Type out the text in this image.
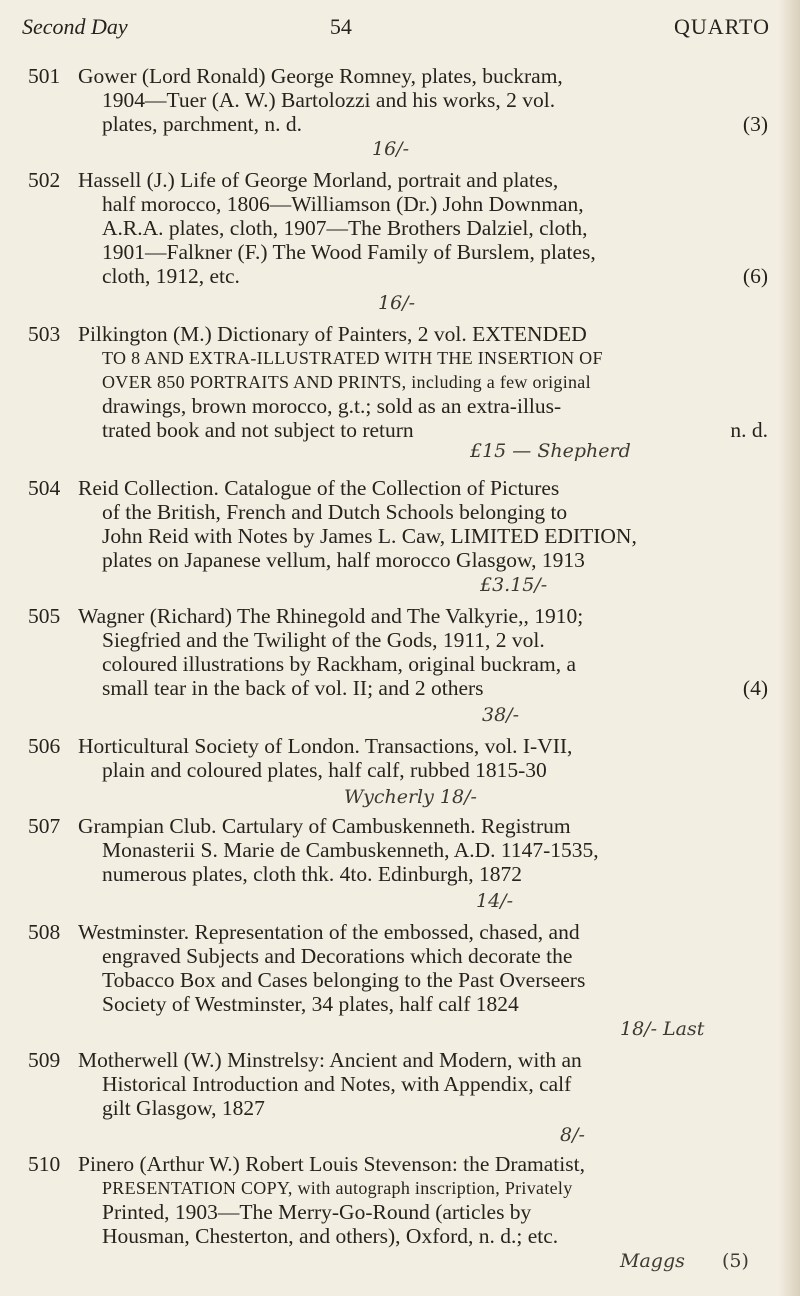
Second Day	54	QUARTO
501 Gower (Lord Ronald) George Romney, plates, buckram,
1904—Tuer (A. W.) Bartolozzi and his works, 2 vol.
plates, parchment, n. d.	(3)
16/-
502 Hassell (J.) Life of George Morland, portrait and plates,
half morocco, 1806—Williamson (Dr.) John Downman,
A.R.A. plates, cloth, 1907—The Brothers Dalziel, cloth,
1901—Falkner (F.) The Wood Family of Burslem, plates,
cloth, 1912, etc.	(6)
16/-
503 Pilkington (M.) Dictionary of Painters, 2 vol. EXTENDED
TO 8 AND EXTRA-ILLUSTRATED WITH THE INSERTION OF
OVER 850 PORTRAITS AND PRINTS, including a few original
drawings, brown morocco, g.t.; sold as an extra-illus-
trated book and not subject to return	n. d.
£15 — Shepherd
504 Reid Collection. Catalogue of the Collection of Pictures
of the British, French and Dutch Schools belonging to
John Reid with Notes by James L. Caw, LIMITED EDITION,
plates on Japanese vellum, half morocco Glasgow, 1913
£3.15/-
505 Wagner (Richard) The Rhinegold and The Valkyrie,, 1910;
Siegfried and the Twilight of the Gods, 1911, 2 vol.
coloured illustrations by Rackham, original buckram, a
small tear in the back of vol. II; and 2 others	(4)
38/-
506 Horticultural Society of London. Transactions, vol. I-VII,
plain and coloured plates, half calf, rubbed 1815-30
Wycherly 18/-
507 Grampian Club. Cartulary of Cambuskenneth. Registrum
Monasterii S. Marie de Cambuskenneth, A.D. 1147-1535,
numerous plates, cloth thk. 4to. Edinburgh, 1872
14/-
508 Westminster. Representation of the embossed, chased, and
engraved Subjects and Decorations which decorate the
Tobacco Box and Cases belonging to the Past Overseers
Society of Westminster, 34 plates, half calf 1824
18/- Last
509 Motherwell (W.) Minstrelsy: Ancient and Modern, with an
Historical Introduction and Notes, with Appendix, calf
gilt Glasgow, 1827
8/-
510 Pinero (Arthur W.) Robert Louis Stevenson: the Dramatist,
PRESENTATION COPY, with autograph inscription, Privately
Printed, 1903—The Merry-Go-Round (articles by
Housman, Chesterton, and others), Oxford, n. d.; etc.
Maggs (5)
